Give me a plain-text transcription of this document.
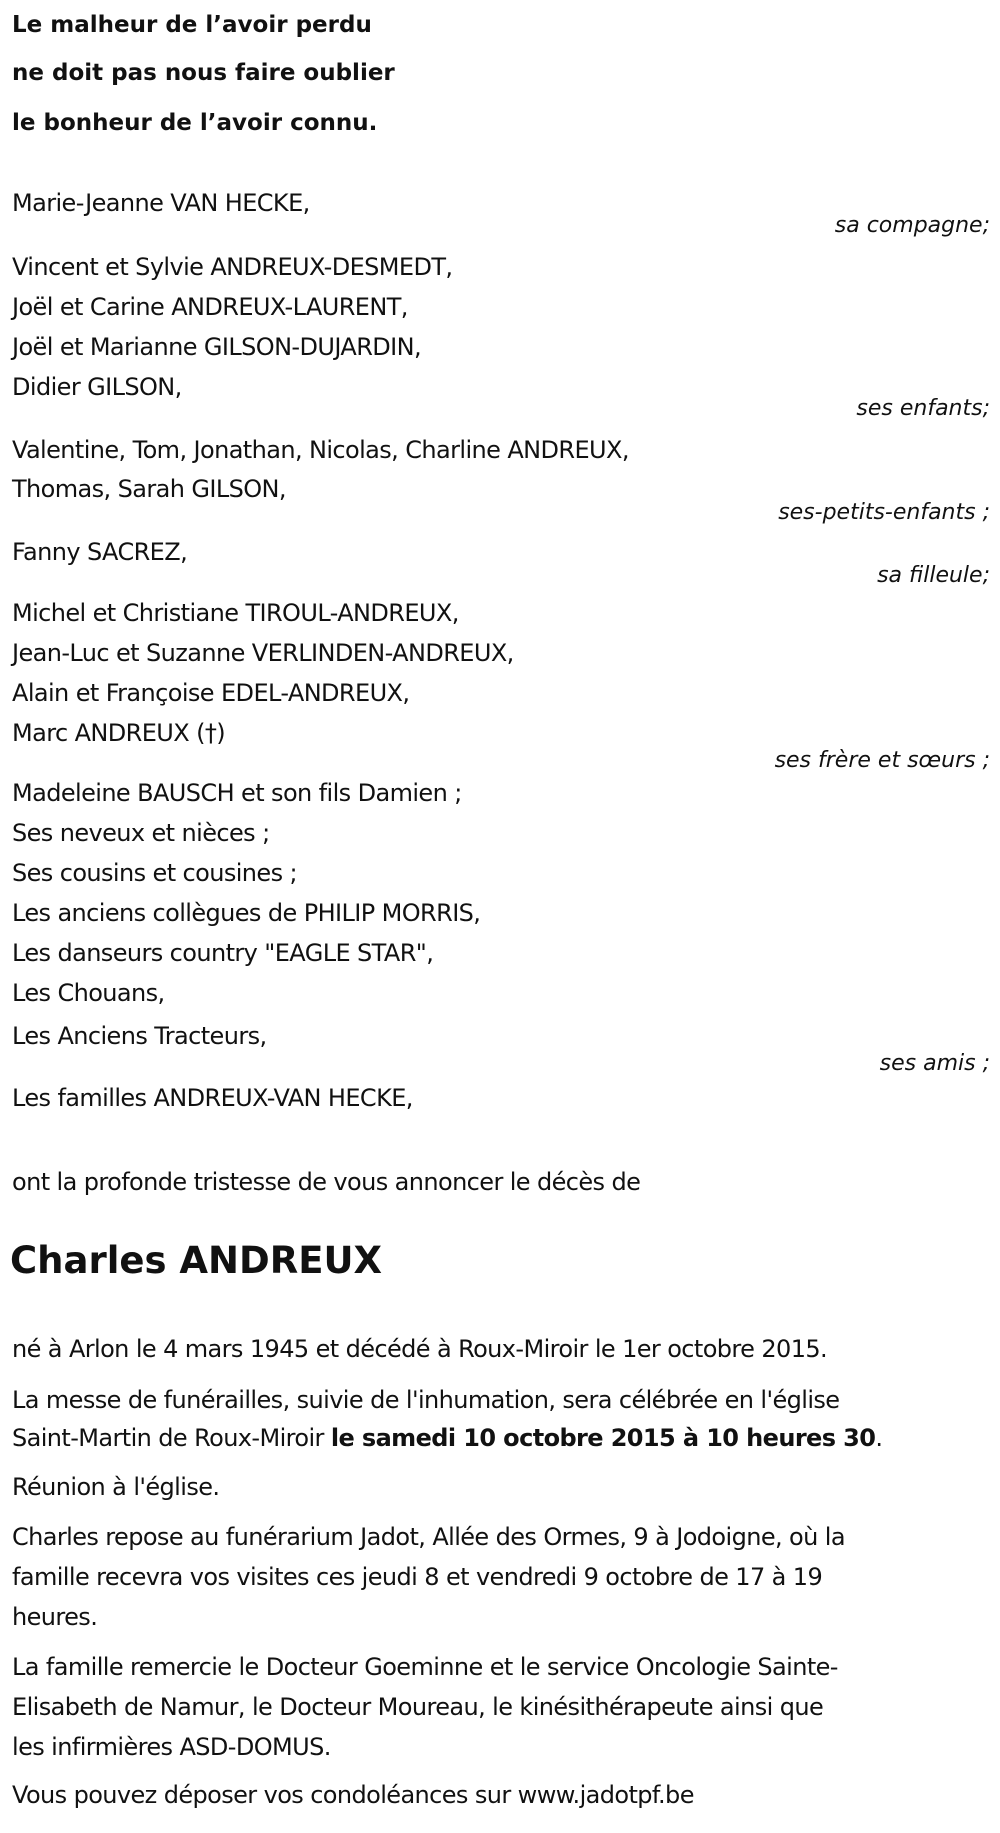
Le malheur de l’avoir perdu
ne doit pas nous faire oublier
le bonheur de l’avoir connu.
Marie-Jeanne VAN HECKE,
sa compagne;
Vincent et Sylvie ANDREUX-DESMEDT,
Joël et Carine ANDREUX-LAURENT,
Joël et Marianne GILSON-DUJARDIN,
Didier GILSON,
ses enfants;
Valentine, Tom, Jonathan, Nicolas, Charline ANDREUX,
Thomas, Sarah GILSON,
ses-petits-enfants ;
Fanny SACREZ,
sa filleule;
Michel et Christiane TIROUL-ANDREUX,
Jean-Luc et Suzanne VERLINDEN-ANDREUX,
Alain et Françoise EDEL-ANDREUX,
Marc ANDREUX (†)
ses frère et sœurs ;
Madeleine BAUSCH et son fils Damien ;
Ses neveux et nièces ;
Ses cousins et cousines ;
Les anciens collègues de PHILIP MORRIS,
Les danseurs country "EAGLE STAR",
Les Chouans,
Les Anciens Tracteurs,
ses amis ;
Les familles ANDREUX-VAN HECKE,
ont la profonde tristesse de vous annoncer le décès de
Charles ANDREUX
né à Arlon le 4 mars 1945 et décédé à Roux-Miroir le 1er octobre 2015.
La messe de funérailles, suivie de l'inhumation, sera célébrée en l'église
Saint-Martin de Roux-Miroir le samedi 10 octobre 2015 à 10 heures 30.
Réunion à l'église.
Charles repose au funérarium Jadot, Allée des Ormes, 9 à Jodoigne, où la
famille recevra vos visites ces jeudi 8 et vendredi 9 octobre de 17 à 19
heures.
La famille remercie le Docteur Goeminne et le service Oncologie Sainte-
Elisabeth de Namur, le Docteur Moureau, le kinésithérapeute ainsi que
les infirmières ASD-DOMUS.
Vous pouvez déposer vos condoléances sur www.jadotpf.be
